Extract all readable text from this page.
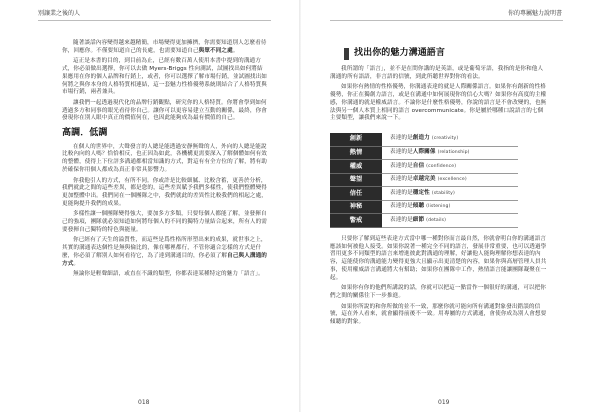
別讓業之後的人

隨著談話內容變得越來越精簡，市場變得更加擁擠，你需要知道別人怎麼看待你，回應你。不僅要知道自己的長處，也需要知道自己與眾不同之處。

這正是本書的目的，到目前為止，已經有數百萬人使用本書中提到的溝通方式，你必須做出選擇，你可以去做 Myers-Briggs 性向測試，試圖找出如何將結果應用在你的個人品牌和行銷上，或者，你可以選擇了解市場行銷，並試圖找出如何將之與你本身的人格特質相連結，這一套魅力性格優勢系統則結合了人格特質與市場行銷，兩者兼具。

讓我們一起透過現代化的品牌行銷觀點，研究你的人格特質。你將會學到如何透過多方和同事的眼光看待你自己。讓你可以更容易建立互動的關係，最終，你會發現你在別人眼中真正的價值何在，也因此能夠成為最有價值的自己。

高調．低調

在個人的世界中，大聲發言的人總是能透過安靜無聲的人，外向的人總是能說比較內向的人嗎？恰恰相反，也正因為如此，各機構更需要深入了解個體如何有效的整體，使得上下位評多溝通都相當知識的方式，對這有有全方位的了解，將有助於確保你用個人都成為真正非常具影響力。

你我他引人的方式，有所不同。你或許是比較細膩、比較含蓄，更善於分析，我們就此之間的這些差異，都是您的，這些差異賦予我們多樣性，使我們整體變得更加整體中出。我們同在一個團隊之中，我們就此的差異性比較我們的相起之處，更能夠提升我們的成果。

多樣性讓一個團隊變得強大，要加多方多類，只要每個人都能了解，並發揮自己的強項，團隊就必須知道如何將每個人的不同的獨特力量結合起來，所有人的需要發揮自己獨特的特色與能量。

你已經有了天生的溢質性，而這些是爲性格所形塑出來的成果，就世事之上，其實的溝通表达個性是無與倫比的，像在哪裡都行，不管你適合怎樣的方式是什麼，你必須了解別人如何看待它，為了達到溝通目的，你必須了解自己與人溝通的方式。

無論你是輕聲細語，或直在不識的類型，你都表達某種特定的魅力「語言」。

018
你的專屬魅力說明書
找出你的魅力溝通語言

我所謂的「語言」，並不是在問你講的是英語，或是葡萄牙語，我指的是你和他人溝通的所有語語，非言語的信號，到此所聽世界對你的看法。

如果你有熱情的性格優勢，你溝通表達的就是人際關係語言。如果你有創新的性格優勢，你正在獨創力語言，或是在溝通中如何展現你的信心大嗎？如果你有高度的主權感，你溝通的就是權威語言。不論你是什麼性格優勢，你說的語言是不會改變的，也無法與另一個人本質上相同的語言 overcommunicate。你是屬於哪種口說語言的七個主要類型，讓我們來說一下。

創新	表達的是創造力 (creativity)
熱情	表達的是人際關係 (relationship)
權威	表達的是自信 (confidence)
聲望	表達的是卓越完美 (excellence)
信任	表達的是穩定性 (stability)
神秘	表達的是傾聽 (listening)
警戒	表達的是細節 (details)

只要你了解到這些表達方式當中哪一種對你而言最自然，你就會明白你的溝通語言應該如何被他人接受。如果你說著一種完全不同的語言，發展非常重要，也可以透過學習用更多不同類型的語言來增進彼此對溝通的理解，好讓他人能夠理解你想表達的內容，這能使你的溝通能力變得更強大且顯示出更清楚的內容，如果你與高層管理人員共事，使用權威語言溝通將大有幫助；如果你在團隊中工作，熱情語言能讓團隊凝聚在一起。

如果你有你的他們所講說的話，你就可以把這一點當作一個很好的溝通，可以把你們之間的關係往下一步推進。

如果你所說的和你所做的並不一致，那麼你就可能向所有溝通對象發出錯誤的信號，這在外人看來，就會顯得前後不一致。用專屬的方式溝通，會使你成為別人會想要傾聽的對象。

019
